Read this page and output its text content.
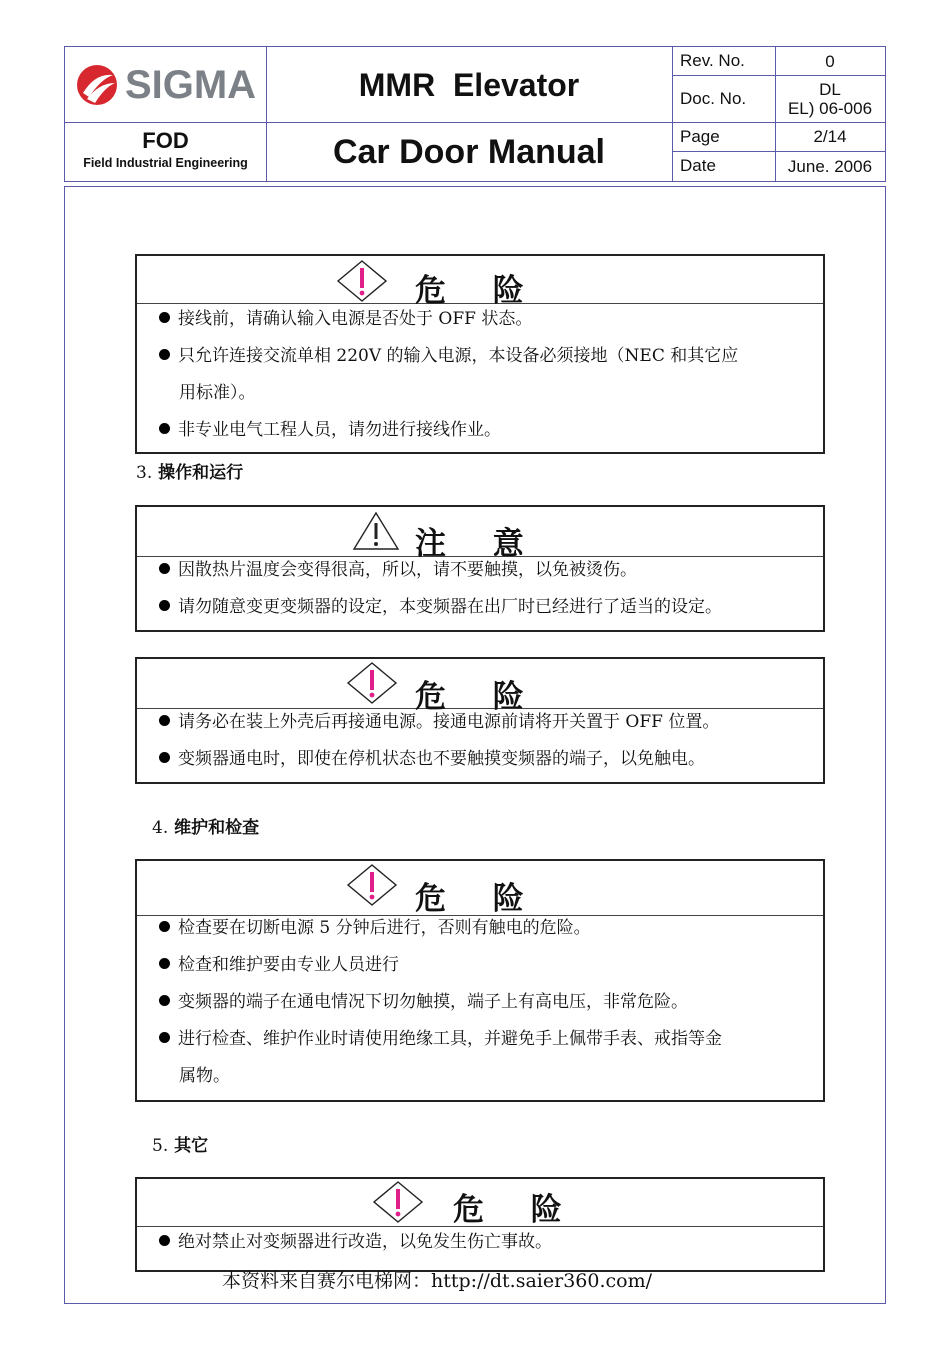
SIGMA
FOD
Field Industrial Engineering
MMR  Elevator
Car Door Manual
Rev. No.	0
Doc. No.	DL
EL) 06-006
Page	2/14
Date	June. 2006
危 险
接线前，请确认输入电源是否处于 OFF 状态。
只允许连接交流单相 220V 的输入电源，本设备必须接地（NEC 和其它应
用标准）。
非专业电气工程人员，请勿进行接线作业。
3. 操作和运行
注 意
因散热片温度会变得很高，所以，请不要触摸，以免被烫伤。
请勿随意变更变频器的设定，本变频器在出厂时已经进行了适当的设定。
危 险
请务必在装上外壳后再接通电源。接通电源前请将开关置于 OFF 位置。
变频器通电时，即使在停机状态也不要触摸变频器的端子，以免触电。
4. 维护和检查
危 险
检查要在切断电源 5 分钟后进行，否则有触电的危险。
检查和维护要由专业人员进行
变频器的端子在通电情况下切勿触摸，端子上有高电压，非常危险。
进行检查、维护作业时请使用绝缘工具，并避免手上佩带手表、戒指等金
属物。
5. 其它
危 险
绝对禁止对变频器进行改造，以免发生伤亡事故。
本资料来自赛尔电梯网：http://dt.saier360.com/
